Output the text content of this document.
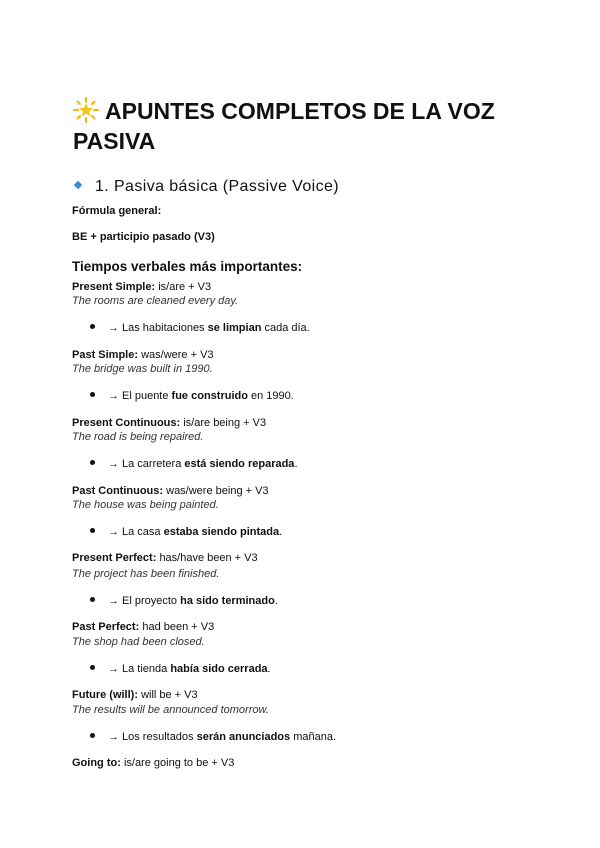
APUNTES COMPLETOS DE LA VOZ PASIVA
1. Pasiva básica (Passive Voice)
Fórmula general:
BE + participio pasado (V3)
Tiempos verbales más importantes:
Present Simple: is/are + V3
The rooms are cleaned every day.
→ Las habitaciones se limpian cada día.
Past Simple: was/were + V3
The bridge was built in 1990.
→ El puente fue construido en 1990.
Present Continuous: is/are being + V3
The road is being repaired.
→ La carretera está siendo reparada.
Past Continuous: was/were being + V3
The house was being painted.
→ La casa estaba siendo pintada.
Present Perfect: has/have been + V3
The project has been finished.
→ El proyecto ha sido terminado.
Past Perfect: had been + V3
The shop had been closed.
→ La tienda había sido cerrada.
Future (will): will be + V3
The results will be announced tomorrow.
→ Los resultados serán anunciados mañana.
Going to: is/are going to be + V3
